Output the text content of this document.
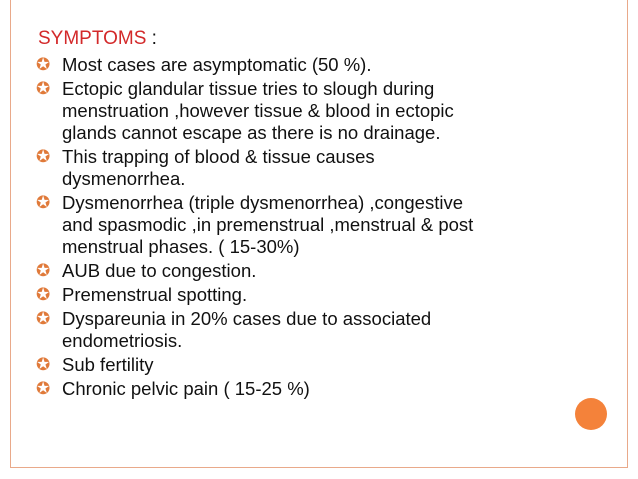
SYMPTOMS :
✪ Most cases are asymptomatic (50 %).
✪ Ectopic glandular tissue tries to slough during
menstruation ,however tissue & blood in ectopic
glands cannot escape as there is no drainage.
✪ This trapping of blood & tissue causes
dysmenorrhea.
✪ Dysmenorrhea (triple dysmenorrhea) ,congestive
and spasmodic ,in premenstrual ,menstrual & post
menstrual phases. ( 15-30%)
✪ AUB due to congestion.
✪ Premenstrual spotting.
✪ Dyspareunia in 20% cases due to associated
endometriosis.
✪ Sub fertility
✪ Chronic pelvic pain ( 15-25 %)
